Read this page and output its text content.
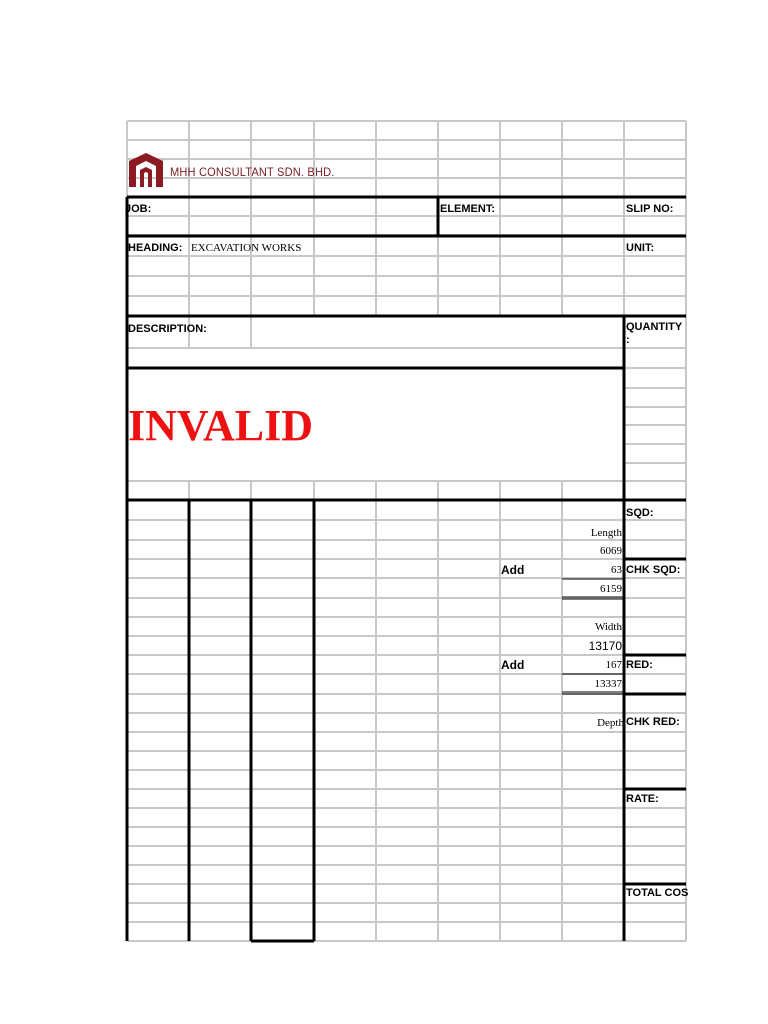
MHH CONSULTANT SDN. BHD.
JOB:	ELEMENT:	SLIP NO:
HEADING: EXCAVATION WORKS	UNIT:
DESCRIPTION:	QUANTITY
:
INVALID
SQD:
CHK SQD:
RED:
CHK RED:
RATE:
TOTAL COS
Length
6069
Add	63
6159
Width
13170
Add	167
13337
Depth
